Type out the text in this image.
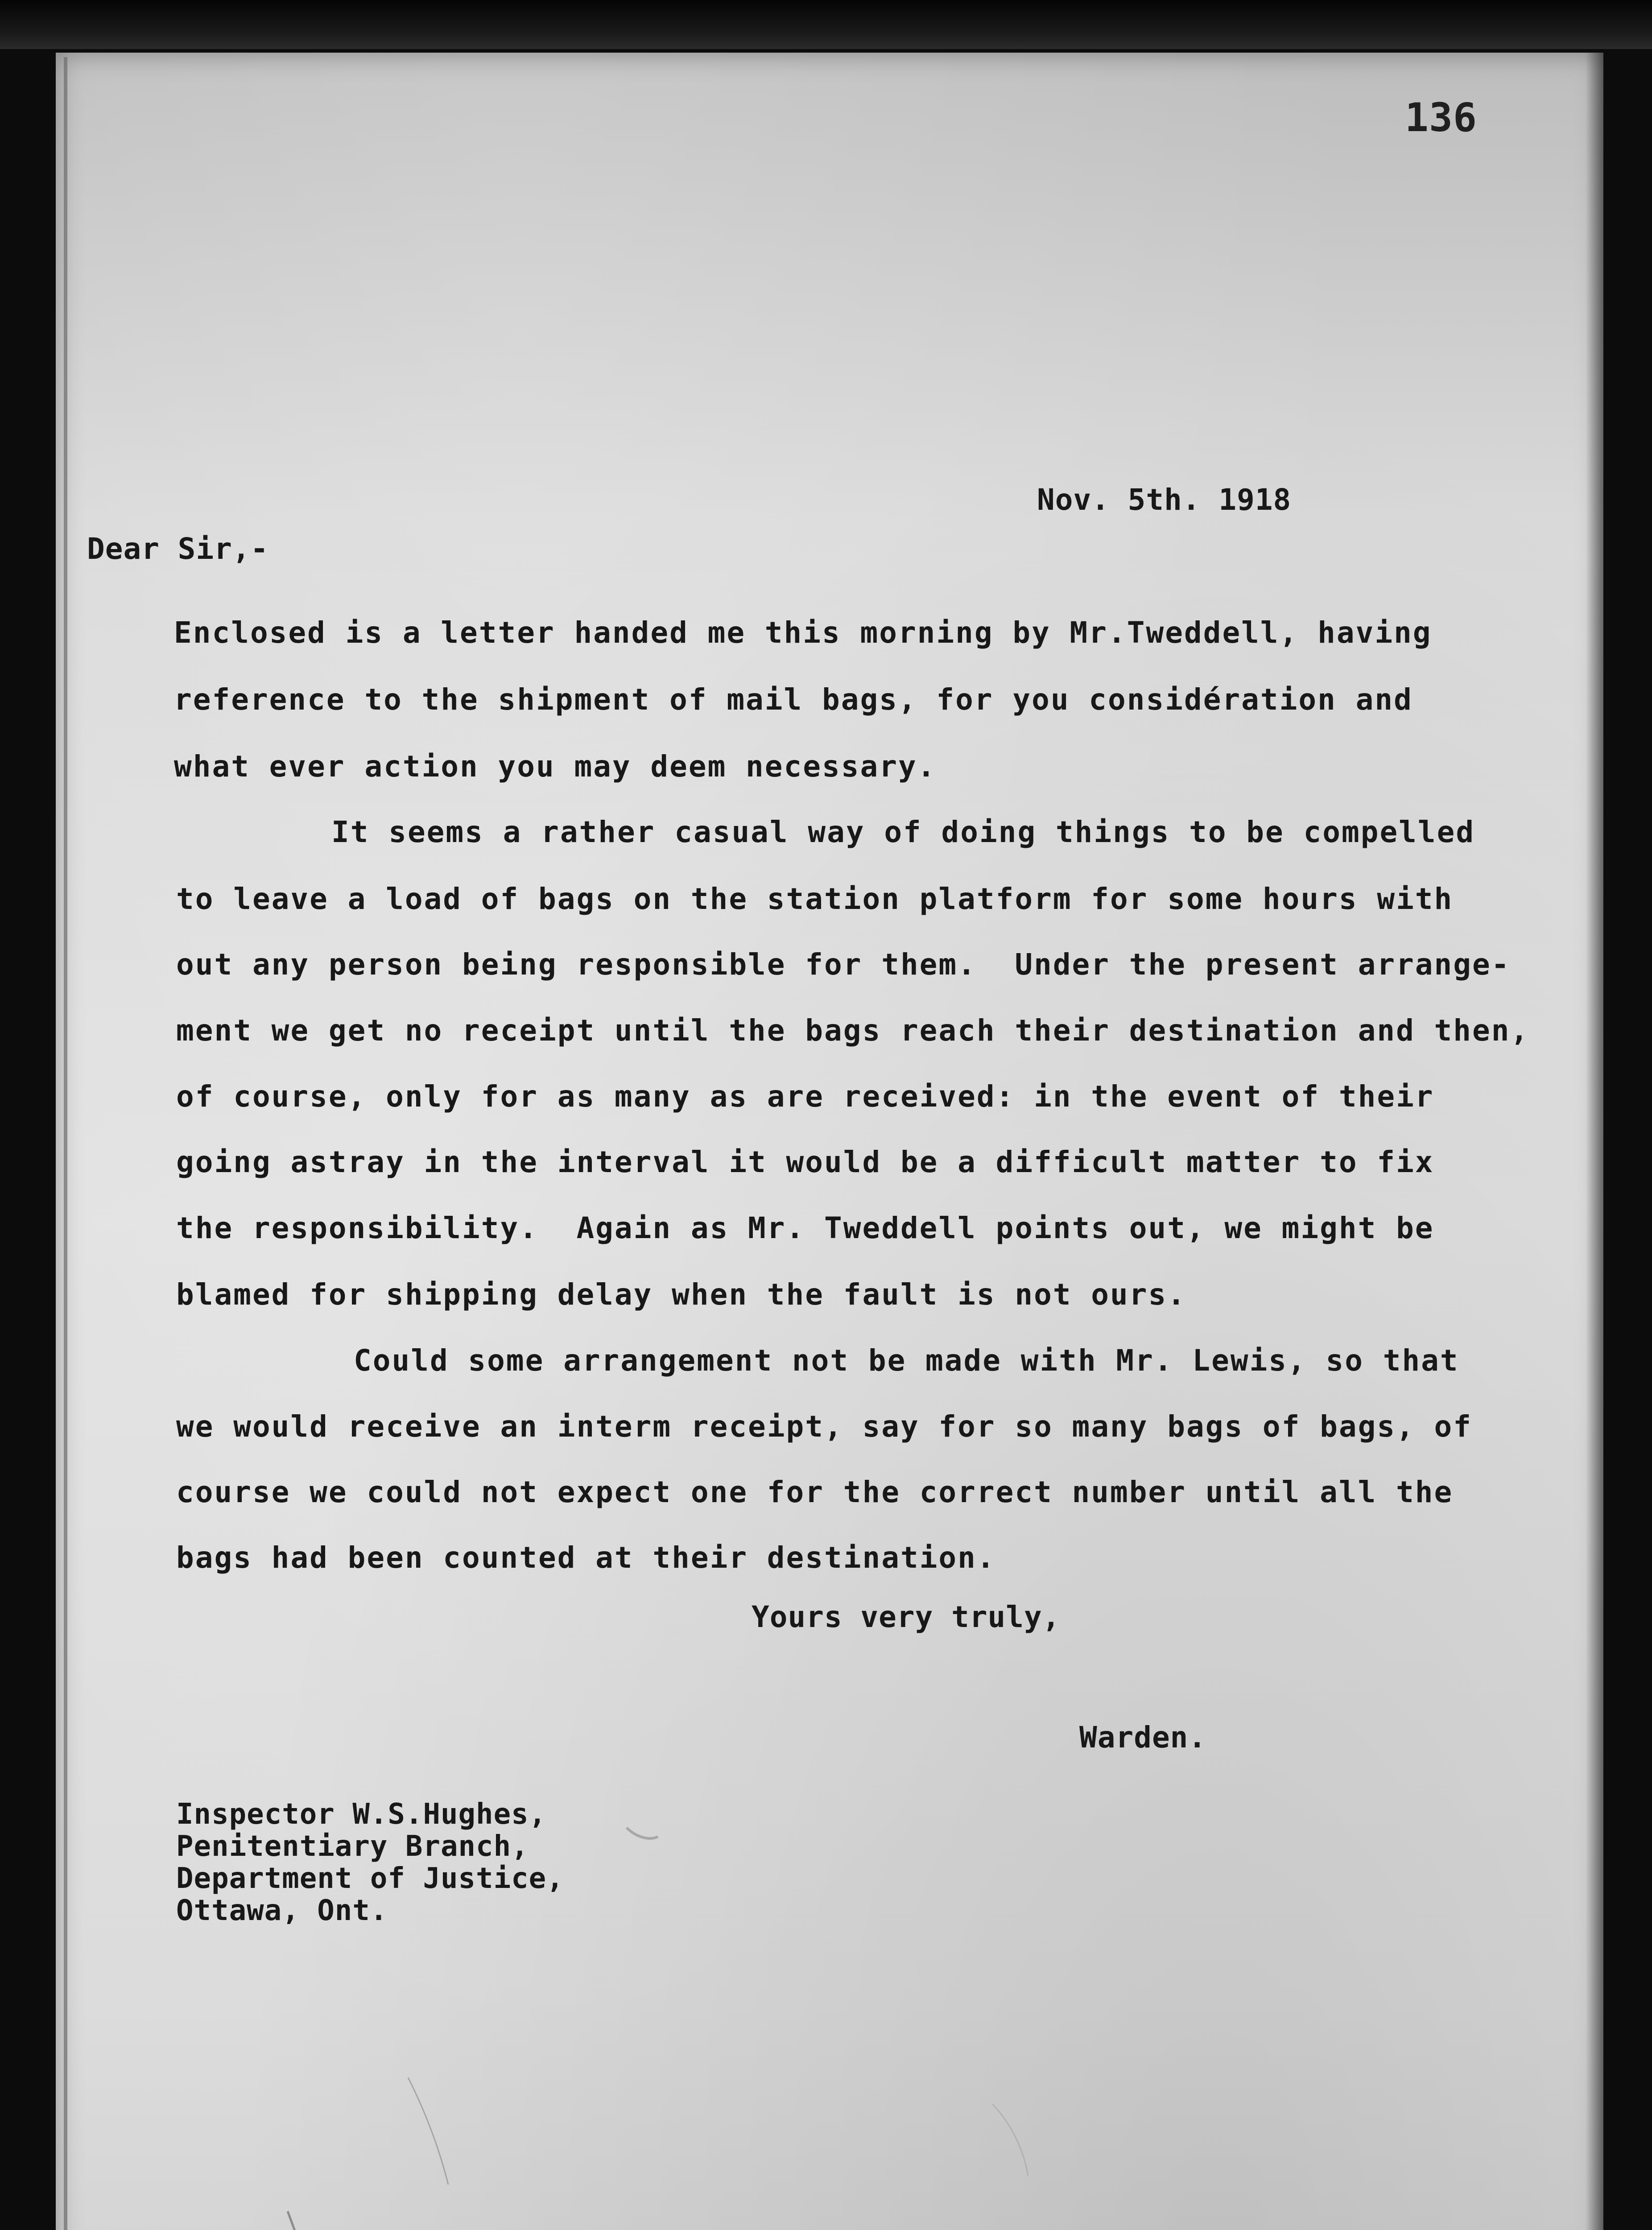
136
Nov. 5th. 1918
Dear Sir,-
Enclosed is a letter handed me this morning by Mr.Tweddell, having
reference to the shipment of mail bags, for you considération and
what ever action you may deem necessary.
It seems a rather casual way of doing things to be compelled
to leave a load of bags on the station platform for some hours with
out any person being responsible for them.  Under the present arrange-
ment we get no receipt until the bags reach their destination and then,
of course, only for as many as are received: in the event of their
going astray in the interval it would be a difficult matter to fix
the responsibility.  Again as Mr. Tweddell points out, we might be
blamed for shipping delay when the fault is not ours.
Could some arrangement not be made with Mr. Lewis, so that
we would receive an interm receipt, say for so many bags of bags, of
course we could not expect one for the correct number until all the
bags had been counted at their destination.
Yours very truly,
Warden.
Inspector W.S.Hughes,
Penitentiary Branch,
Department of Justice,
Ottawa, Ont.
